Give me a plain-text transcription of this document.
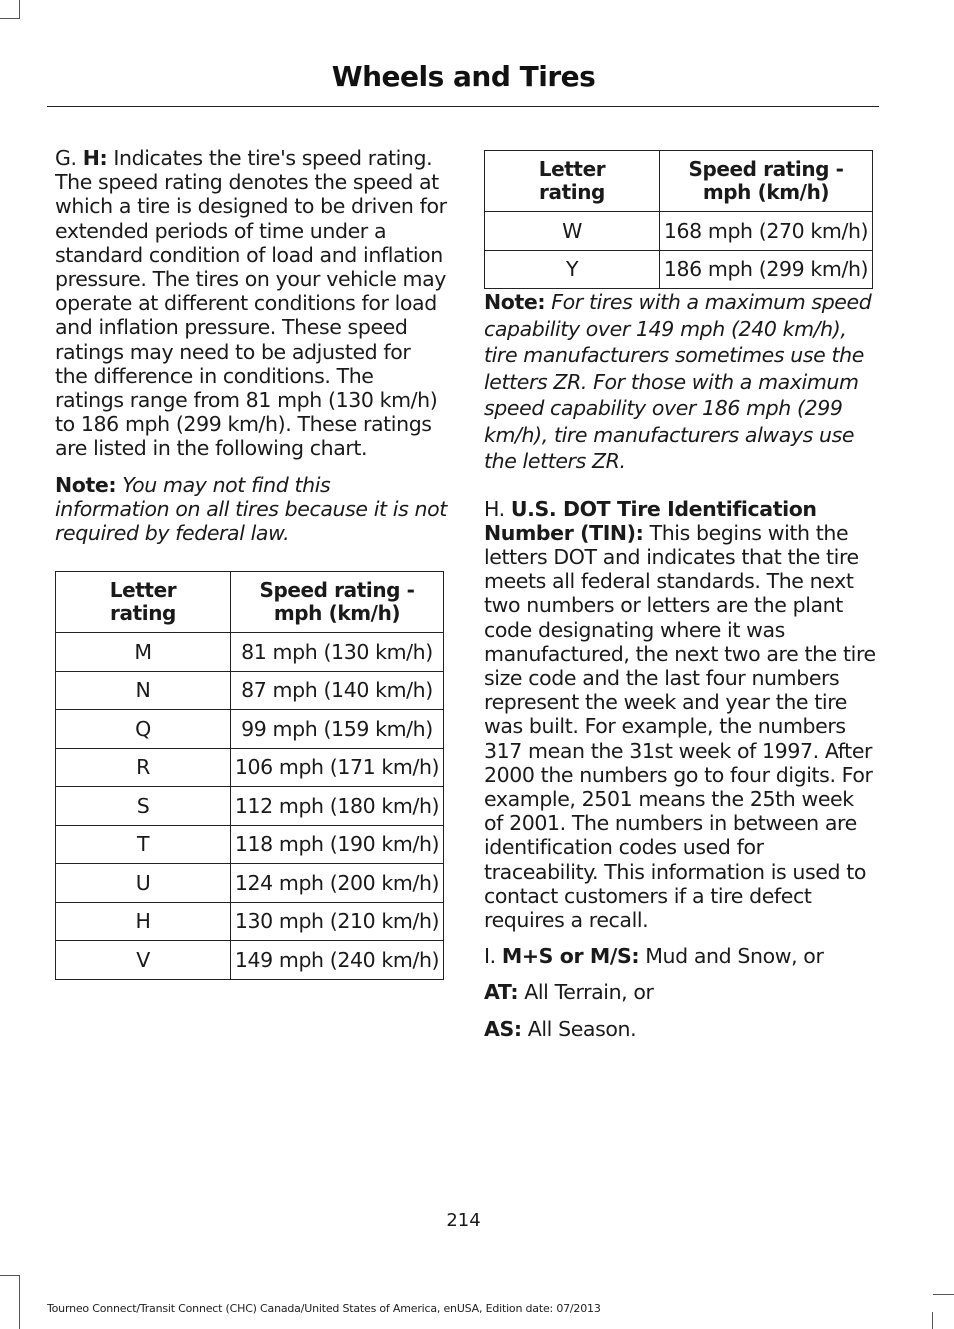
Wheels and Tires

G. H: Indicates the tire's speed rating. The speed rating denotes the speed at which a tire is designed to be driven for extended periods of time under a standard condition of load and inflation pressure. The tires on your vehicle may operate at different conditions for load and inflation pressure. These speed ratings may need to be adjusted for the difference in conditions. The ratings range from 81 mph (130 km/h) to 186 mph (299 km/h). These ratings are listed in the following chart.

Note: You may not find this information on all tires because it is not required by federal law.

Letter rating	Speed rating - mph (km/h)
M	81 mph (130 km/h)
N	87 mph (140 km/h)
Q	99 mph (159 km/h)
R	106 mph (171 km/h)
S	112 mph (180 km/h)
T	118 mph (190 km/h)
U	124 mph (200 km/h)
H	130 mph (210 km/h)
V	149 mph (240 km/h)
Letter rating	Speed rating - mph (km/h)
W	168 mph (270 km/h)
Y	186 mph (299 km/h)

Note: For tires with a maximum speed capability over 149 mph (240 km/h), tire manufacturers sometimes use the letters ZR. For those with a maximum speed capability over 186 mph (299 km/h), tire manufacturers always use the letters ZR.

H. U.S. DOT Tire Identification Number (TIN): This begins with the letters DOT and indicates that the tire meets all federal standards. The next two numbers or letters are the plant code designating where it was manufactured, the next two are the tire size code and the last four numbers represent the week and year the tire was built. For example, the numbers 317 mean the 31st week of 1997. After 2000 the numbers go to four digits. For example, 2501 means the 25th week of 2001. The numbers in between are identification codes used for traceability. This information is used to contact customers if a tire defect requires a recall.

I. M+S or M/S: Mud and Snow, or

AT: All Terrain, or

AS: All Season.

214
Tourneo Connect/Transit Connect (CHC) Canada/United States of America, enUSA, Edition date: 07/2013
